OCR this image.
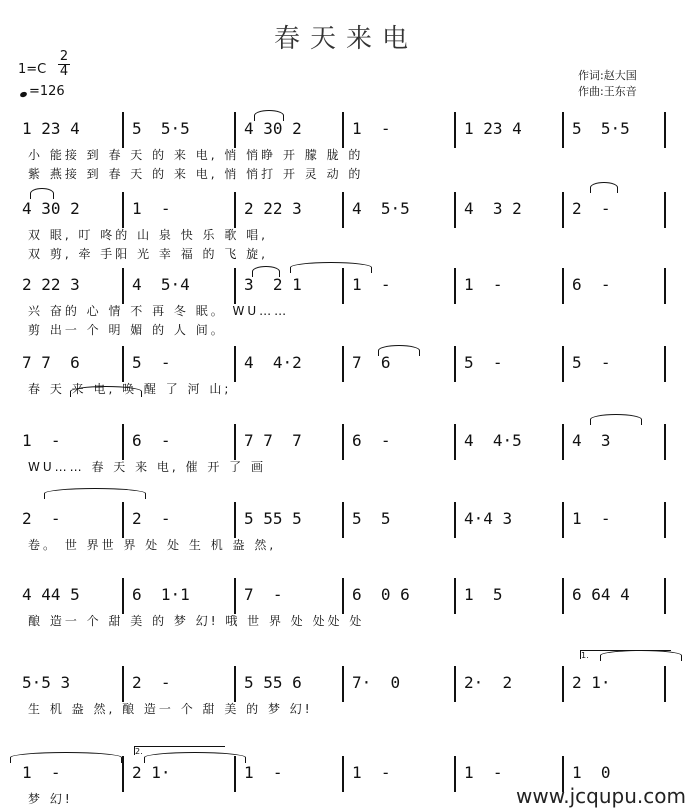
春天来电
1=C
2
4
=126
作词:赵大国
作曲:王东音
1 23 4	5  5·5	4 30 2	1  -	1 23 4	5  5·5
小 能接 到 春 天 的 来 电, 悄 悄睁 开 朦 胧 的
紫 燕接 到 春 天 的 来 电, 悄 悄打 开 灵 动 的
4 30 2	1  -	2 22 3	4  5·5	4  3 2	2  -
双 眼, 叮 咚的 山 泉 快 乐 歌 唱,
双 剪, 牵 手阳 光 幸 福 的 飞 旋,
2 22 3	4  5·4	3  2 1	1  -	1  -	6  -
兴 奋的 心 情 不 再 冬 眠。 WU……
剪 出一 个 明 媚 的 人 间。
7 7  6	5  -	4  4·2	7  6	5  -	5  -
春 天 来 电, 唤 醒 了 河 山;
1  -	6  -	7 7  7	6  -	4  4·5	4  3
WU…… 春 天 来 电, 催 开 了 画
2  -	2  -	5 55 5	5  5	4·4 3	1  -
卷。 世 界世 界 处 处 生 机 盎 然,
4 44 5	6  1·1	7  -	6  0 6	1  5	6 64 4
酿 造一 个 甜 美 的 梦 幻! 哦 世 界 处 处处 处
5·5 3	2  -	5 55 6	7·  0	2·  2	2 1·
生 机 盎 然, 酿 造一 个 甜 美 的 梦 幻!
1  -	2 1·	1  -	1  -	1  -	1  0
梦 幻!	www.jcqupu.com
1.
2.
